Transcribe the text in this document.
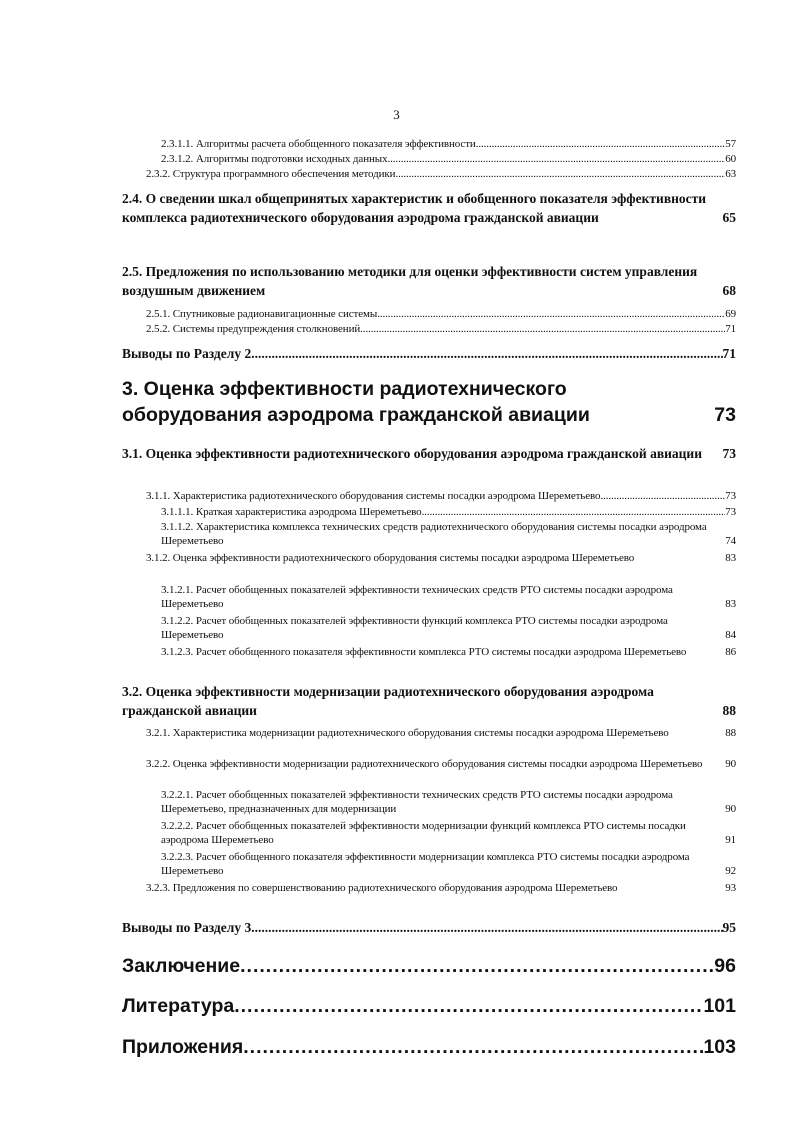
3
2.3.1.1. Алгоритмы расчета обобщенного показателя эффективности .....	57
2.3.1.2. Алгоритмы подготовки исходных данных .....	60
2.3.2. Структура программного обеспечения методики .....	63
2.4. О сведении шкал общепринятых характеристик и обобщенного показателя эффективности комплекса радиотехнического оборудования аэродрома гражданской авиации	65
2.5. Предложения по использованию методики для оценки эффективности систем управления воздушным движением	68
2.5.1. Спутниковые радионавигационные системы .....	69
2.5.2. Системы предупреждения столкновений .....	71
Выводы по Разделу 2 .....	71
3. Оценка эффективности радиотехнического оборудования аэродрома гражданской авиации	73
3.1. Оценка эффективности радиотехнического оборудования аэродрома гражданской авиации	73
3.1.1. Характеристика радиотехнического оборудования системы посадки аэродрома Шереметьево .....	73
3.1.1.1. Краткая характеристика аэродрома Шереметьево .....	73
3.1.1.2. Характеристика комплекса технических средств радиотехнического оборудования системы посадки аэродрома Шереметьево	74
3.1.2. Оценка эффективности радиотехнического оборудования системы посадки аэродрома Шереметьево	83
3.1.2.1. Расчет обобщенных показателей эффективности технических средств РТО системы посадки аэродрома Шереметьево	83
3.1.2.2. Расчет обобщенных показателей эффективности функций комплекса РТО системы посадки аэродрома Шереметьево	84
3.1.2.3. Расчет обобщенного показателя эффективности комплекса РТО системы посадки аэродрома Шереметьево	86
3.2. Оценка эффективности модернизации радиотехнического оборудования аэродрома гражданской авиации	88
3.2.1. Характеристика модернизации радиотехнического оборудования системы посадки аэродрома Шереметьево	88
3.2.2. Оценка эффективности модернизации радиотехнического оборудования системы посадки аэродрома Шереметьево	90
3.2.2.1. Расчет обобщенных показателей эффективности технических средств РТО системы посадки аэродрома Шереметьево, предназначенных для модернизации	90
3.2.2.2. Расчет обобщенных показателей эффективности модернизации функций комплекса РТО системы посадки аэродрома Шереметьево	91
3.2.2.3. Расчет обобщенного показателя эффективности модернизации комплекса РТО системы посадки аэродрома Шереметьево	92
3.2.3. Предложения по совершенствованию радиотехнического оборудования аэродрома Шереметьево	93
Выводы по Разделу 3 .....	95
Заключение .....	96
Литература .....	101
Приложения .....	103
